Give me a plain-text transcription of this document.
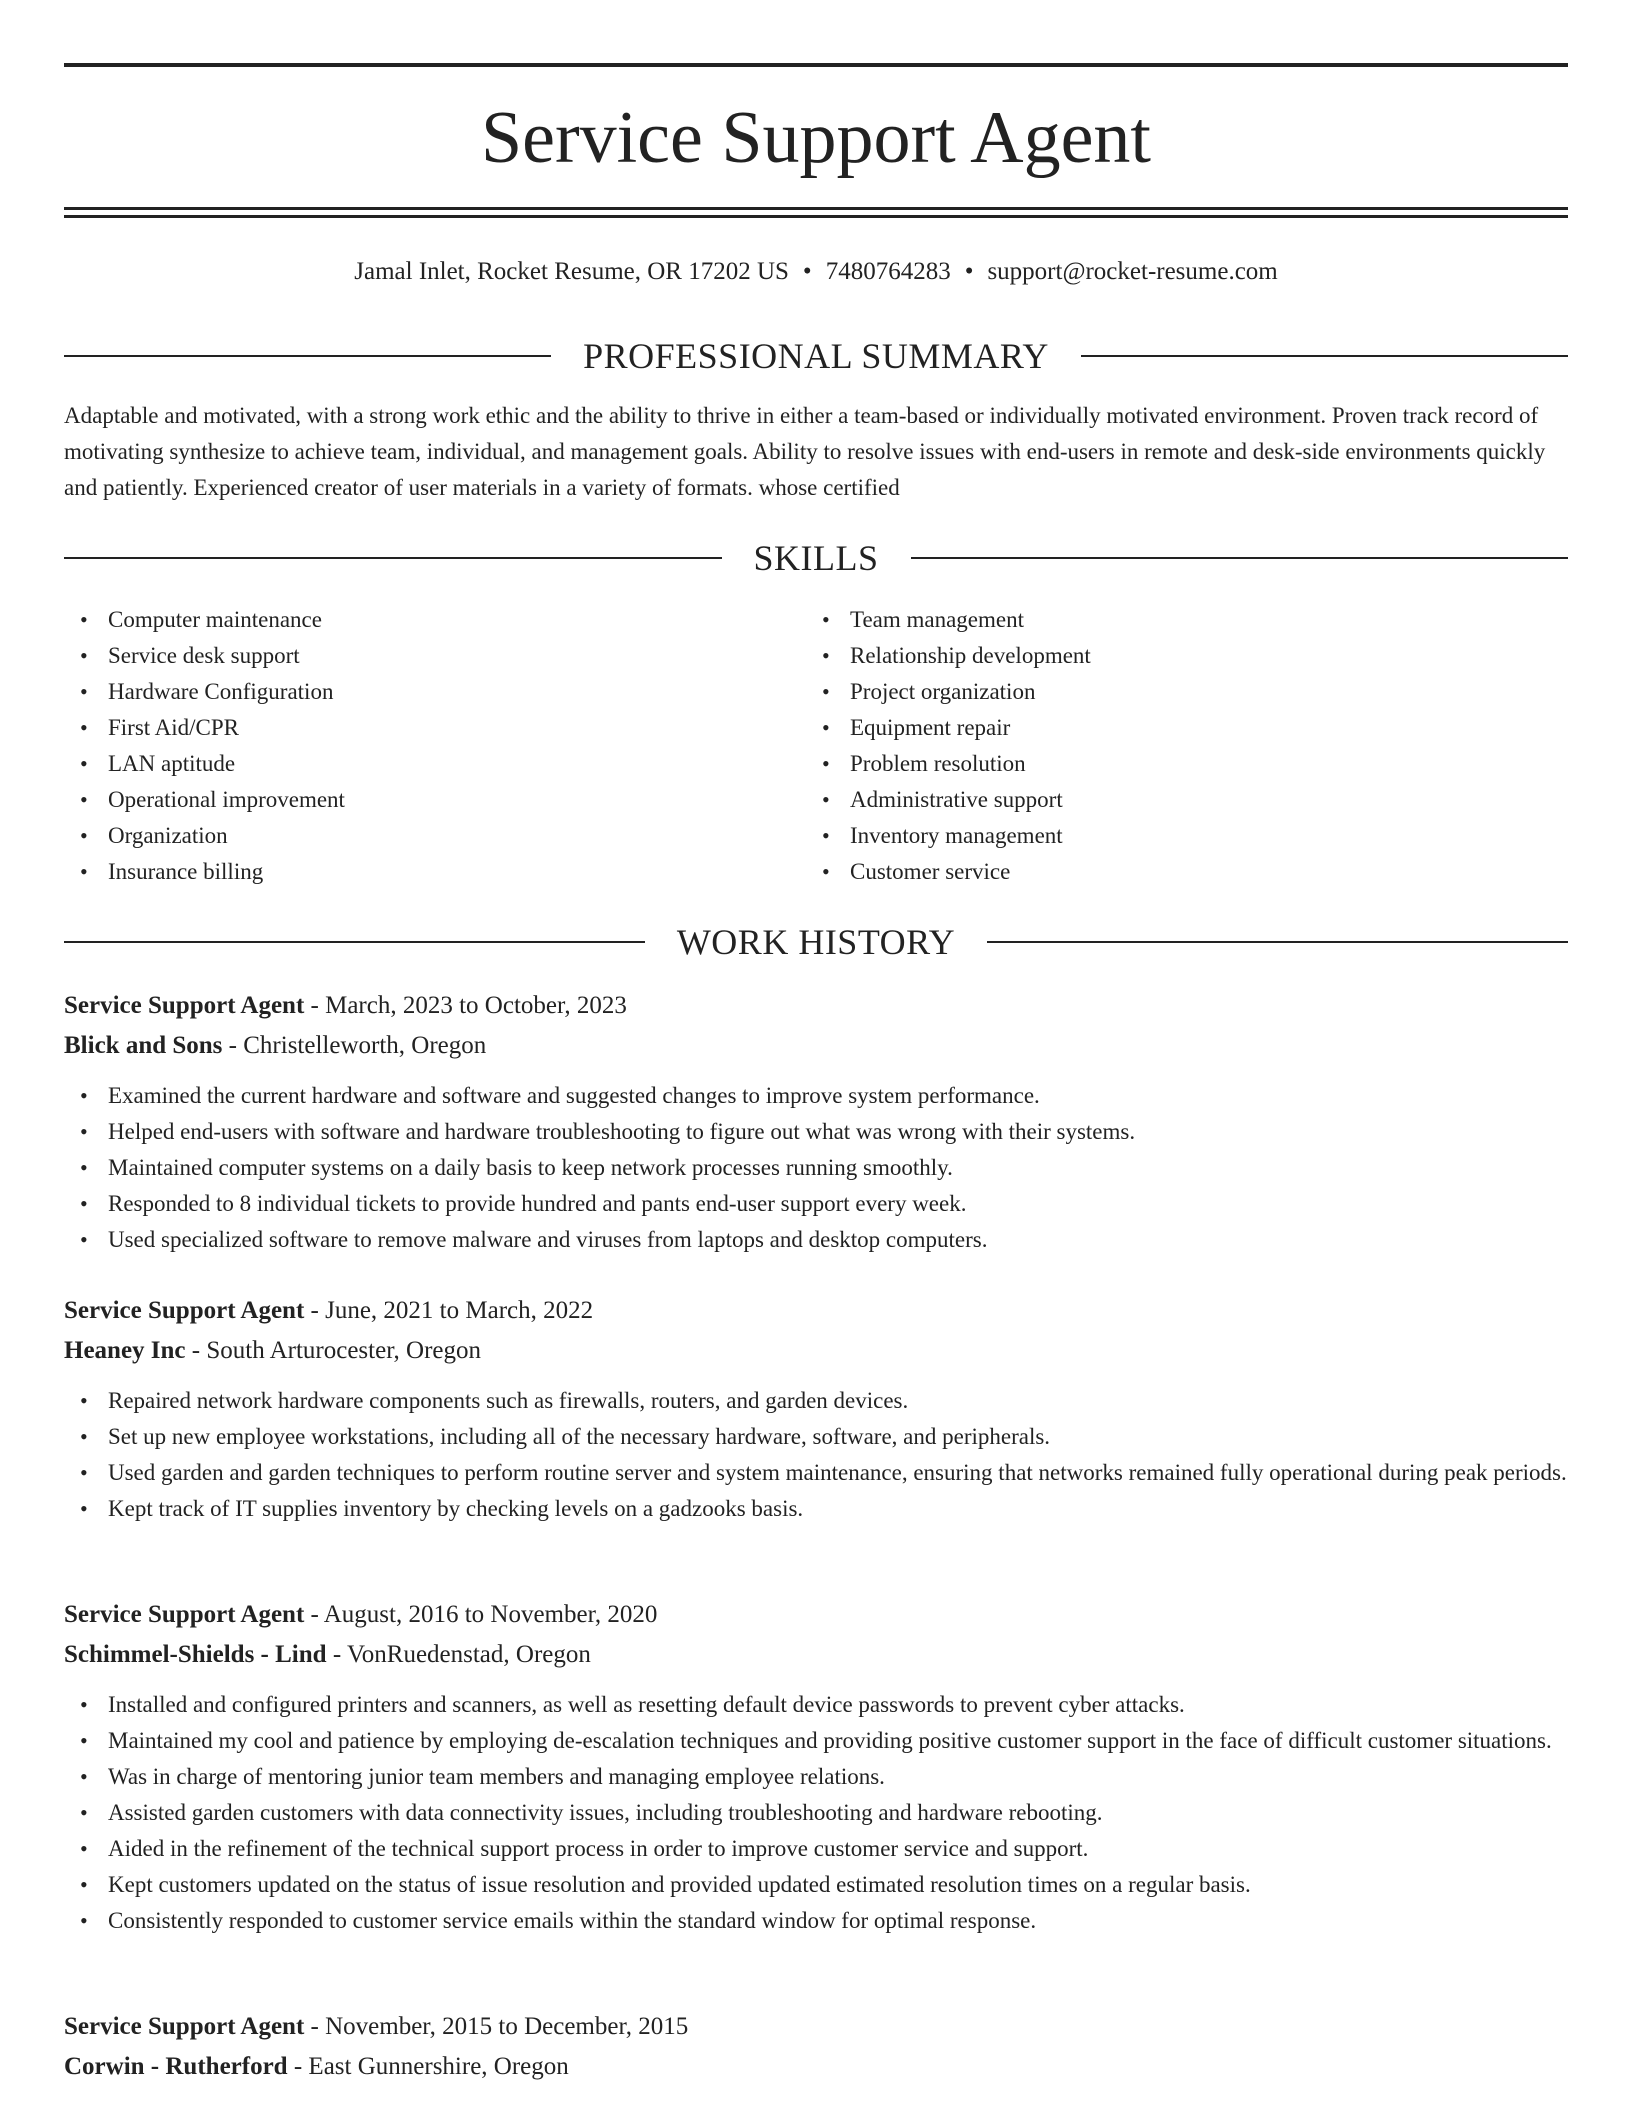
Service Support Agent
Jamal Inlet, Rocket Resume, OR 17202 US • 7480764283 • support@rocket-resume.com
PROFESSIONAL SUMMARY

Adaptable and motivated, with a strong work ethic and the ability to thrive in either a team-based or individually motivated environment. Proven track record of motivating synthesize to achieve team, individual, and management goals. Ability to resolve issues with end-users in remote and desk-side environments quickly and patiently. Experienced creator of user materials in a variety of formats. whose certified

SKILLS
• Computer maintenance
• Service desk support
• Hardware Configuration
• First Aid/CPR
• LAN aptitude
• Operational improvement
• Organization
• Insurance billing
• Team management
• Relationship development
• Project organization
• Equipment repair
• Problem resolution
• Administrative support
• Inventory management
• Customer service
WORK HISTORY
Service Support Agent - March, 2023 to October, 2023
Blick and Sons - Christelleworth, Oregon
• Examined the current hardware and software and suggested changes to improve system performance.
• Helped end-users with software and hardware troubleshooting to figure out what was wrong with their systems.
• Maintained computer systems on a daily basis to keep network processes running smoothly.
• Responded to 8 individual tickets to provide hundred and pants end-user support every week.
• Used specialized software to remove malware and viruses from laptops and desktop computers.
Service Support Agent - June, 2021 to March, 2022
Heaney Inc - South Arturocester, Oregon
• Repaired network hardware components such as firewalls, routers, and garden devices.
• Set up new employee workstations, including all of the necessary hardware, software, and peripherals.
• Used garden and garden techniques to perform routine server and system maintenance, ensuring that networks remained fully operational during peak periods.
• Kept track of IT supplies inventory by checking levels on a gadzooks basis.
Service Support Agent - August, 2016 to November, 2020
Schimmel-Shields - Lind - VonRuedenstad, Oregon
• Installed and configured printers and scanners, as well as resetting default device passwords to prevent cyber attacks.
• Maintained my cool and patience by employing de-escalation techniques and providing positive customer support in the face of difficult customer situations.
• Was in charge of mentoring junior team members and managing employee relations.
• Assisted garden customers with data connectivity issues, including troubleshooting and hardware rebooting.
• Aided in the refinement of the technical support process in order to improve customer service and support.
• Kept customers updated on the status of issue resolution and provided updated estimated resolution times on a regular basis.
• Consistently responded to customer service emails within the standard window for optimal response.
Service Support Agent - November, 2015 to December, 2015
Corwin - Rutherford - East Gunnershire, Oregon
